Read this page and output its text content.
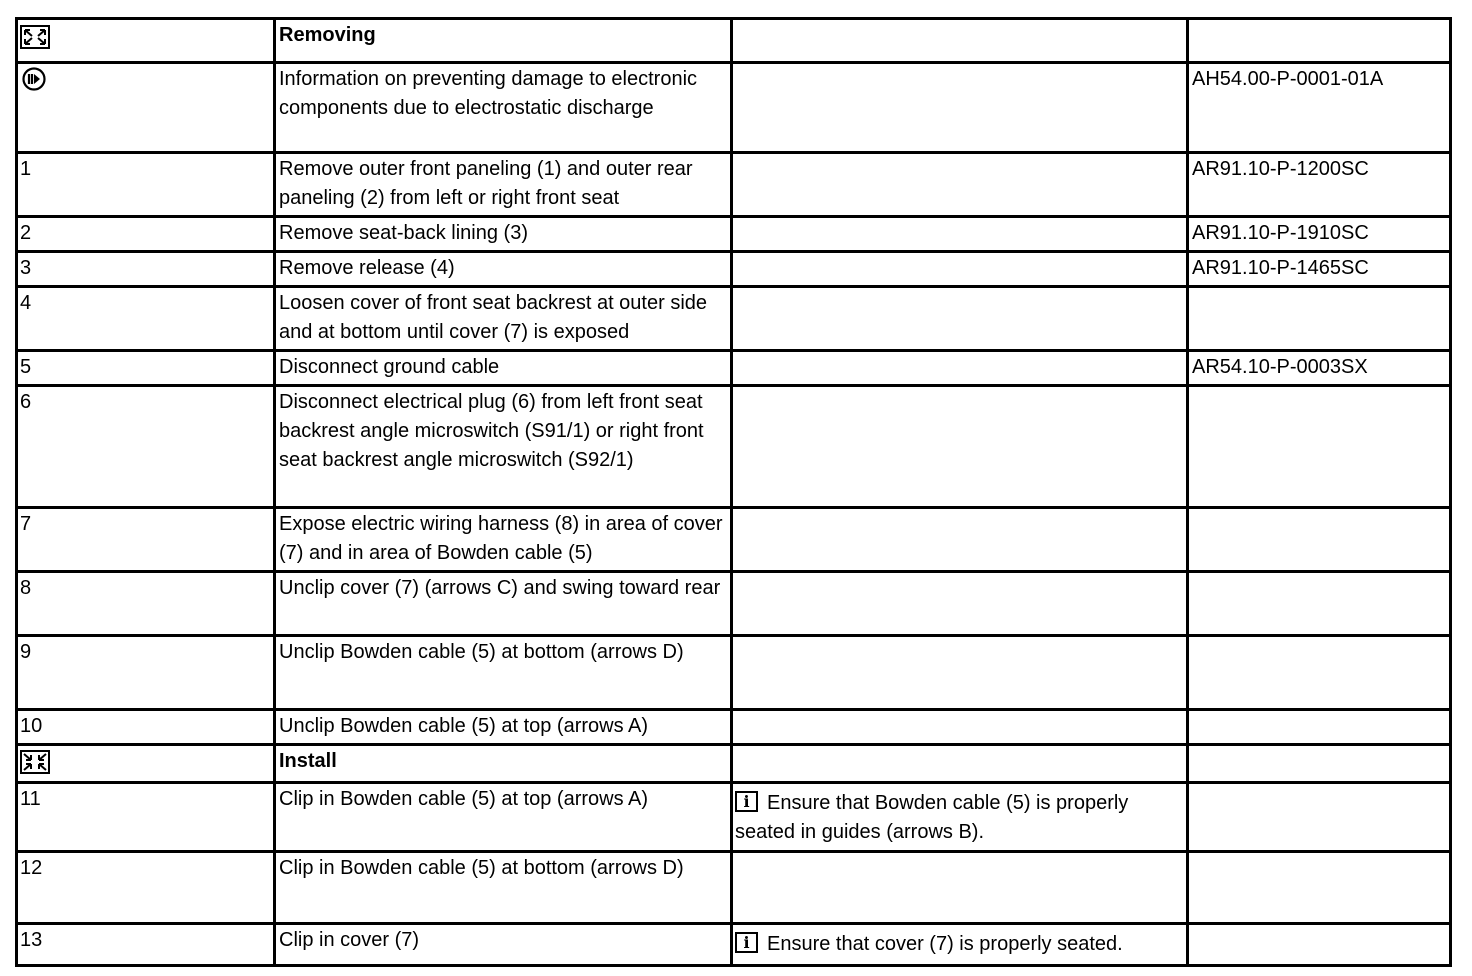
	Removing		
	Information on preventing damage to electronic components due to electrostatic discharge		AH54.00-P-0001-01A
1	Remove outer front paneling (1) and outer rear paneling (2) from left or right front seat		AR91.10-P-1200SC
2	Remove seat-back lining (3)		AR91.10-P-1910SC
3	Remove release (4)		AR91.10-P-1465SC
4	Loosen cover of front seat backrest at outer side and at bottom until cover (7) is exposed		
5	Disconnect ground cable		AR54.10-P-0003SX
6	Disconnect electrical plug (6) from left front seat backrest angle microswitch (S91/1) or right front seat backrest angle microswitch (S92/1)		
7	Expose electric wiring harness (8) in area of cover (7) and in area of Bowden cable (5)		
8	Unclip cover (7) (arrows C) and swing toward rear		
9	Unclip Bowden cable (5) at bottom (arrows D)		
10	Unclip Bowden cable (5) at top (arrows A)		
	Install		
11	Clip in Bowden cable (5) at top (arrows A)	i Ensure that Bowden cable (5) is properly seated in guides (arrows B).	

12	Clip in Bowden cable (5) at bottom (arrows D)		
13	Clip in cover (7)	i Ensure that cover (7) is properly seated.	
